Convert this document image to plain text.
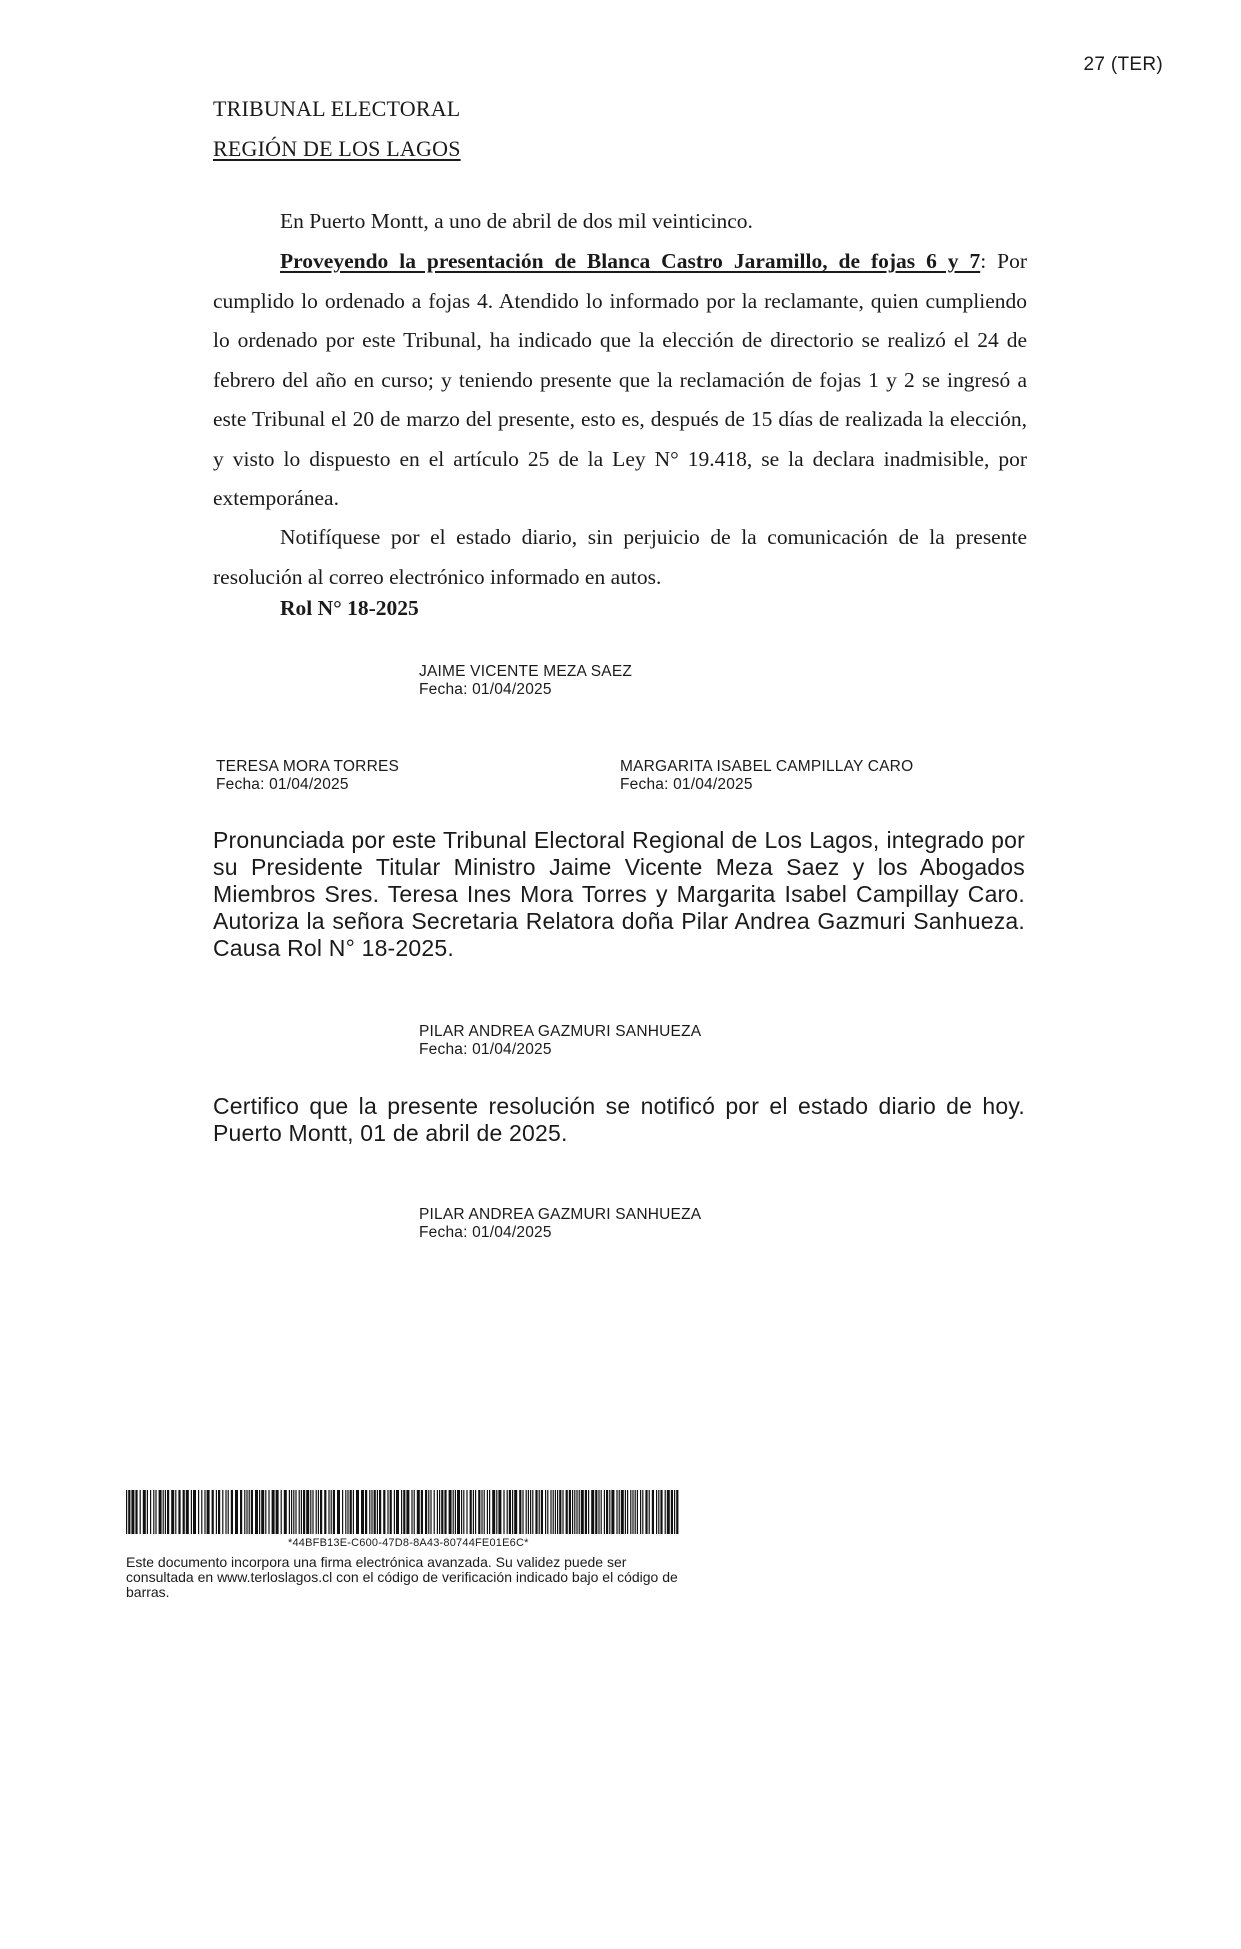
27 (TER)
TRIBUNAL ELECTORAL
REGIÓN DE LOS LAGOS
En Puerto Montt, a uno de abril de dos mil veinticinco.
Proveyendo la presentación de Blanca Castro Jaramillo, de fojas 6 y 7: Por cumplido lo ordenado a fojas 4. Atendido lo informado por la reclamante, quien cumpliendo lo ordenado por este Tribunal, ha indicado que la elección de directorio se realizó el 24 de febrero del año en curso; y teniendo presente que la reclamación de fojas 1 y 2 se ingresó a este Tribunal el 20 de marzo del presente, esto es, después de 15 días de realizada la elección, y visto lo dispuesto en el artículo 25 de la Ley N° 19.418, se la declara inadmisible, por extemporánea.
Notifíquese por el estado diario, sin perjuicio de la comunicación de la presente resolución al correo electrónico informado en autos.
Rol N° 18-2025
JAIME VICENTE MEZA SAEZ
Fecha: 01/04/2025
TERESA MORA TORRES
Fecha: 01/04/2025
MARGARITA ISABEL CAMPILLAY CARO
Fecha: 01/04/2025
Pronunciada por este Tribunal Electoral Regional de Los Lagos, integrado por su Presidente Titular Ministro Jaime Vicente Meza Saez y los Abogados Miembros Sres. Teresa Ines Mora Torres y Margarita Isabel Campillay Caro. Autoriza la señora Secretaria Relatora doña Pilar Andrea Gazmuri Sanhueza. Causa Rol N° 18-2025.
PILAR ANDREA GAZMURI SANHUEZA
Fecha: 01/04/2025
Certifico que la presente resolución se notificó por el estado diario de hoy. Puerto Montt, 01 de abril de 2025.
PILAR ANDREA GAZMURI SANHUEZA
Fecha: 01/04/2025
*44BFB13E-C600-47D8-8A43-80744FE01E6C*
Este documento incorpora una firma electrónica avanzada. Su validez puede ser consultada en www.terloslagos.cl con el código de verificación indicado bajo el código de barras.
